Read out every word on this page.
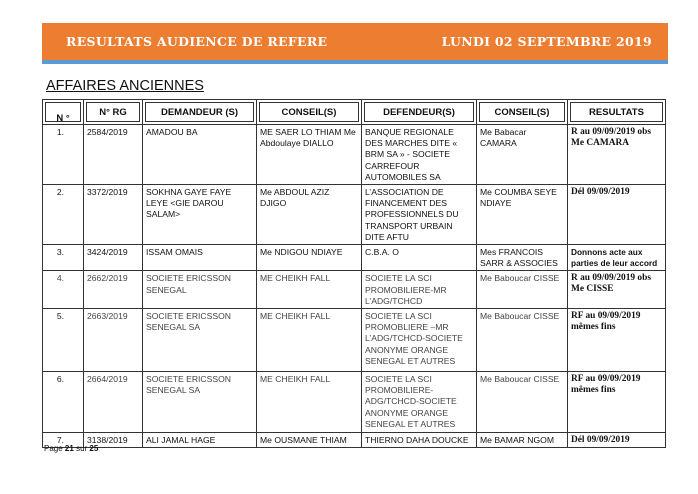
RESULTATS AUDIENCE DE REFERE	LUNDI 02 SEPTEMBRE 2019
AFFAIRES ANCIENNES
N °	N° RG	DEMANDEUR (S)	CONSEIL(S)	DEFENDEUR(S)	CONSEIL(S)	RESULTATS
1.	2584/2019	AMADOU BA	ME SAER LO THIAM Me Abdoulaye DIALLO	BANQUE REGIONALE DES MARCHES DITE « BRM SA » - SOCIETE CARREFOUR AUTOMOBILES SA	Me Babacar CAMARA	R au 09/09/2019 obs Me CAMARA
2.	3372/2019	SOKHNA GAYE FAYE LEYE <GIE DAROU SALAM>	Me ABDOUL AZIZ DJIGO	L’ASSOCIATION DE FINANCEMENT DES PROFESSIONNELS DU TRANSPORT URBAIN DITE AFTU	Me COUMBA SEYE NDIAYE	Dél 09/09/2019
3.	3424/2019	ISSAM OMAIS	Me NDIGOU NDIAYE	C.B.A. O	Mes FRANCOIS SARR & ASSOCIES	Donnons acte aux parties de leur accord
4.	2662/2019	SOCIETE ERICSSON SENEGAL	ME CHEIKH FALL	SOCIETE LA SCI PROMOBILIERE-MR L’ADG/TCHCD	Me Baboucar CISSE	R au 09/09/2019 obs Me CISSE
5.	2663/2019	SOCIETE ERICSSON SENEGAL SA	ME CHEIKH FALL	SOCIETE LA SCI PROMOBLIERE –MR L’ADG/TCHCD-SOCIETE ANONYME ORANGE SENEGAL ET AUTRES	Me Baboucar CISSE	RF au 09/09/2019 mêmes fins
6.	2664/2019	SOCIETE ERICSSON SENEGAL SA	ME CHEIKH FALL	SOCIETE LA SCI PROMOBILIERE-ADG/TCHCD-SOCIETE ANONYME ORANGE SENEGAL ET AUTRES	Me Baboucar CISSE	RF au 09/09/2019 mêmes fins
7.	3138/2019	ALI JAMAL HAGE	Me OUSMANE THIAM	THIERNO DAHA DOUCKE	Me BAMAR NGOM	Dél 09/09/2019
Page 21 sur 25
